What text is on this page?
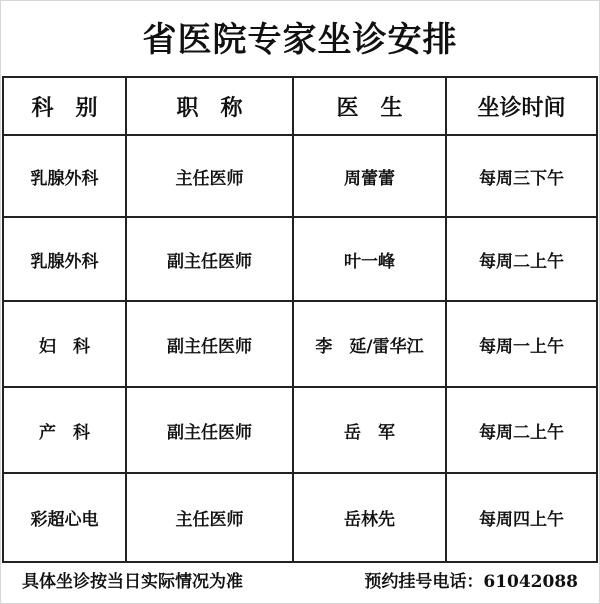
省医院专家坐诊安排
科　别	职　称	医　生	坐诊时间
乳腺外科	主任医师	周蕾蕾	每周三下午
乳腺外科	副主任医师	叶一峰	每周二上午
妇　科	副主任医师	李　延/雷华江	每周一上午
产　科	副主任医师	岳　军	每周二上午
彩超心电	主任医师	岳林先	每周四上午
具体坐诊按当日实际情况为准	预约挂号电话：61042088
